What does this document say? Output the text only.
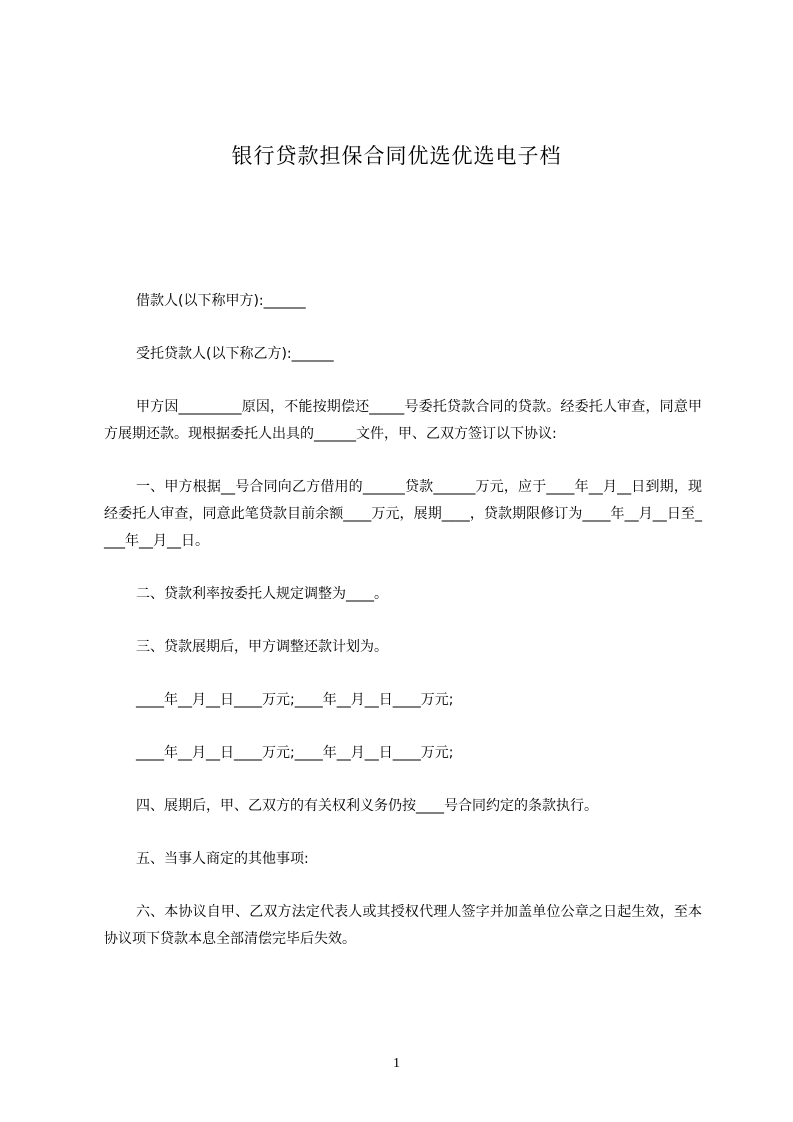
银行贷款担保合同优选优选电子档

借款人(以下称甲方):______

受托贷款人(以下称乙方):______

甲方因_________原因，不能按期偿还_____号委托贷款合同的贷款。经委托人审查，同意甲方展期还款。现根据委托人出具的______文件，甲、乙双方签订以下协议:

一、甲方根据__号合同向乙方借用的______贷款______万元，应于____年__月__日到期，现经委托人审查，同意此笔贷款目前余额____万元，展期____，贷款期限修订为____年__月__日至____年__月__日。

二、贷款利率按委托人规定调整为____。

三、贷款展期后，甲方调整还款计划为。

____年__月__日____万元;____年__月__日____万元;

____年__月__日____万元;____年__月__日____万元;

四、展期后，甲、乙双方的有关权利义务仍按____号合同约定的条款执行。

五、当事人商定的其他事项:

六、本协议自甲、乙双方法定代表人或其授权代理人签字并加盖单位公章之日起生效，至本协议项下贷款本息全部清偿完毕后失效。

1
